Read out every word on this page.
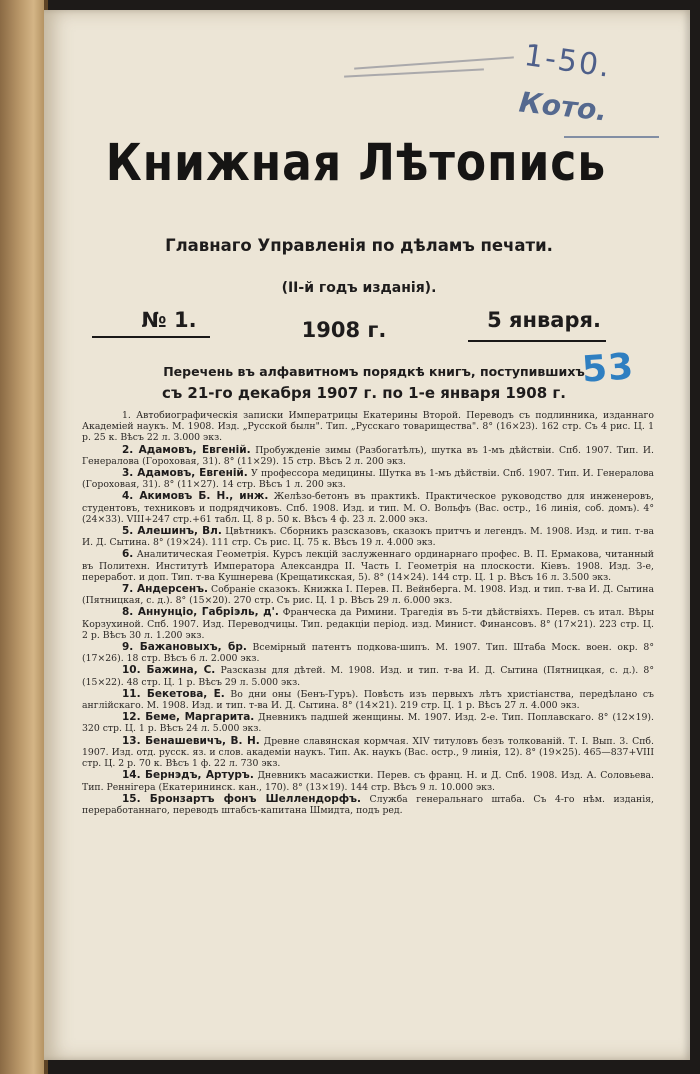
1-50.
Кото.
Книжная Лѣтопись
Главнаго Управленія по дѣламъ печати.
(II-й годъ изданія).
№ 1.	1908 г.	5 января.
Перечень въ алфавитномъ порядкѣ книгъ, поступившихъ
съ 21-го декабря 1907 г. по 1-е января 1908 г.
53

1. Автобиографическія записки Императрицы Екатерины Второй. Переводъ съ подлинника, изданнаго Академіей наукъ. М. 1908. Изд. „Русской былн". Тип. „Русскаго товарищества". 8° (16×23). 162 стр. Съ 4 рис. Ц. 1 р. 25 к. Вѣсъ 22 л. 3.000 экз.

2. Адамовъ, Евгеній. Пробужденіе зимы (Разбогатѣлъ), шутка въ 1-мъ дѣйствіи. Спб. 1907. Тип. И. Генералова (Гороховая, 31). 8° (11×29). 15 стр. Вѣсъ 2 л. 200 экз.

3. Адамовъ, Евгеній. У профессора медицины. Шутка въ 1-мъ дѣйствіи. Спб. 1907. Тип. И. Генералова (Гороховая, 31). 8° (11×27). 14 стр. Вѣсъ 1 л. 200 экз.

4. Акимовъ Б. Н., инж. Желѣзо-бетонъ въ практикѣ. Практическое руководство для инженеровъ, студентовъ, техниковъ и подрядчиковъ. Спб. 1908. Изд. и тип. М. О. Вольфъ (Вас. остр., 16 линія, соб. домъ). 4° (24×33). VIII+247 стр.+61 табл. Ц. 8 р. 50 к. Вѣсъ 4 ф. 23 л. 2.000 экз.

5. Алешинъ, Вл. Цвѣтникъ. Сборникъ разсказовъ, сказокъ притчъ и легендъ. М. 1908. Изд. и тип. т-ва И. Д. Сытина. 8° (19×24). 111 стр. Съ рис. Ц. 75 к. Вѣсъ 19 л. 4.000 экз.

6. Аналитическая Геометрія. Курсъ лекцій заслуженнаго ординарнаго профес. В. П. Ермакова, читанный въ Политехн. Институтѣ Императора Александра II. Часть I. Геометрія на плоскости. Кіевъ. 1908. Изд. 3-е, переработ. и доп. Тип. т-ва Кушнерева (Крещатикская, 5). 8° (14×24). 144 стр. Ц. 1 р. Вѣсъ 16 л. 3.500 экз.

7. Андерсенъ. Собраніе сказокъ. Книжка I. Перев. П. Вейнберга. М. 1908. Изд. и тип. т-ва И. Д. Сытина (Пятницкая, с. д.). 8° (15×20). 270 стр. Съ рис. Ц. 1 р. Вѣсъ 29 л. 6.000 экз.

8. Аннунціо, Габріэль, д'. Франческа да Римини. Трагедія въ 5-ти дѣйствіяхъ. Перев. съ итал. Вѣры Корзухиной. Спб. 1907. Изд. Переводчицы. Тип. редакціи період. изд. Минист. Финансовъ. 8° (17×21). 223 стр. Ц. 2 р. Вѣсъ 30 л. 1.200 экз.

9. Бажановыхъ, бр. Всемірный патентъ подкова-шипъ. М. 1907. Тип. Штаба Моск. воен. окр. 8° (17×26). 18 стр. Вѣсъ 6 л. 2.000 экз.

10. Бажина, С. Разсказы для дѣтей. М. 1908. Изд. и тип. т-ва И. Д. Сытина (Пятницкая, с. д.). 8° (15×22). 48 стр. Ц. 1 р. Вѣсъ 29 л. 5.000 экз.

11. Бекетова, Е. Во дни оны (Бенъ-Гуръ). Повѣсть изъ первыхъ лѣтъ христіанства, передѣлано съ англійскаго. М. 1908. Изд. и тип. т-ва И. Д. Сытина. 8° (14×21). 219 стр. Ц. 1 р. Вѣсъ 27 л. 4.000 экз.

12. Беме, Маргарита. Дневникъ падшей женщины. М. 1907. Изд. 2-е. Тип. Поплавскаго. 8° (12×19). 320 стр. Ц. 1 р. Вѣсъ 24 л. 5.000 экз.

13. Бенашевичъ, В. Н. Древне славянская кормчая. XIV титуловъ безъ толкованій. Т. I. Вып. 3. Спб. 1907. Изд. отд. русск. яз. и слов. академіи наукъ. Тип. Ак. наукъ (Вас. остр., 9 линія, 12). 8° (19×25). 465—837+VIII стр. Ц. 2 р. 70 к. Вѣсъ 1 ф. 22 л. 730 экз.

14. Бернэдъ, Артуръ. Дневникъ масажистки. Перев. съ франц. Н. и Д. Спб. 1908. Изд. А. Соловьева. Тип. Реннігера (Екатерининск. кан., 170). 8° (13×19). 144 стр. Вѣсъ 9 л. 10.000 экз.

15. Бронзартъ фонъ Шеллендорфъ. Служба генеральнаго штаба. Съ 4-го нѣм. изданія, переработаннаго, переводъ штабсъ-капитана Шмидта, подъ ред.
